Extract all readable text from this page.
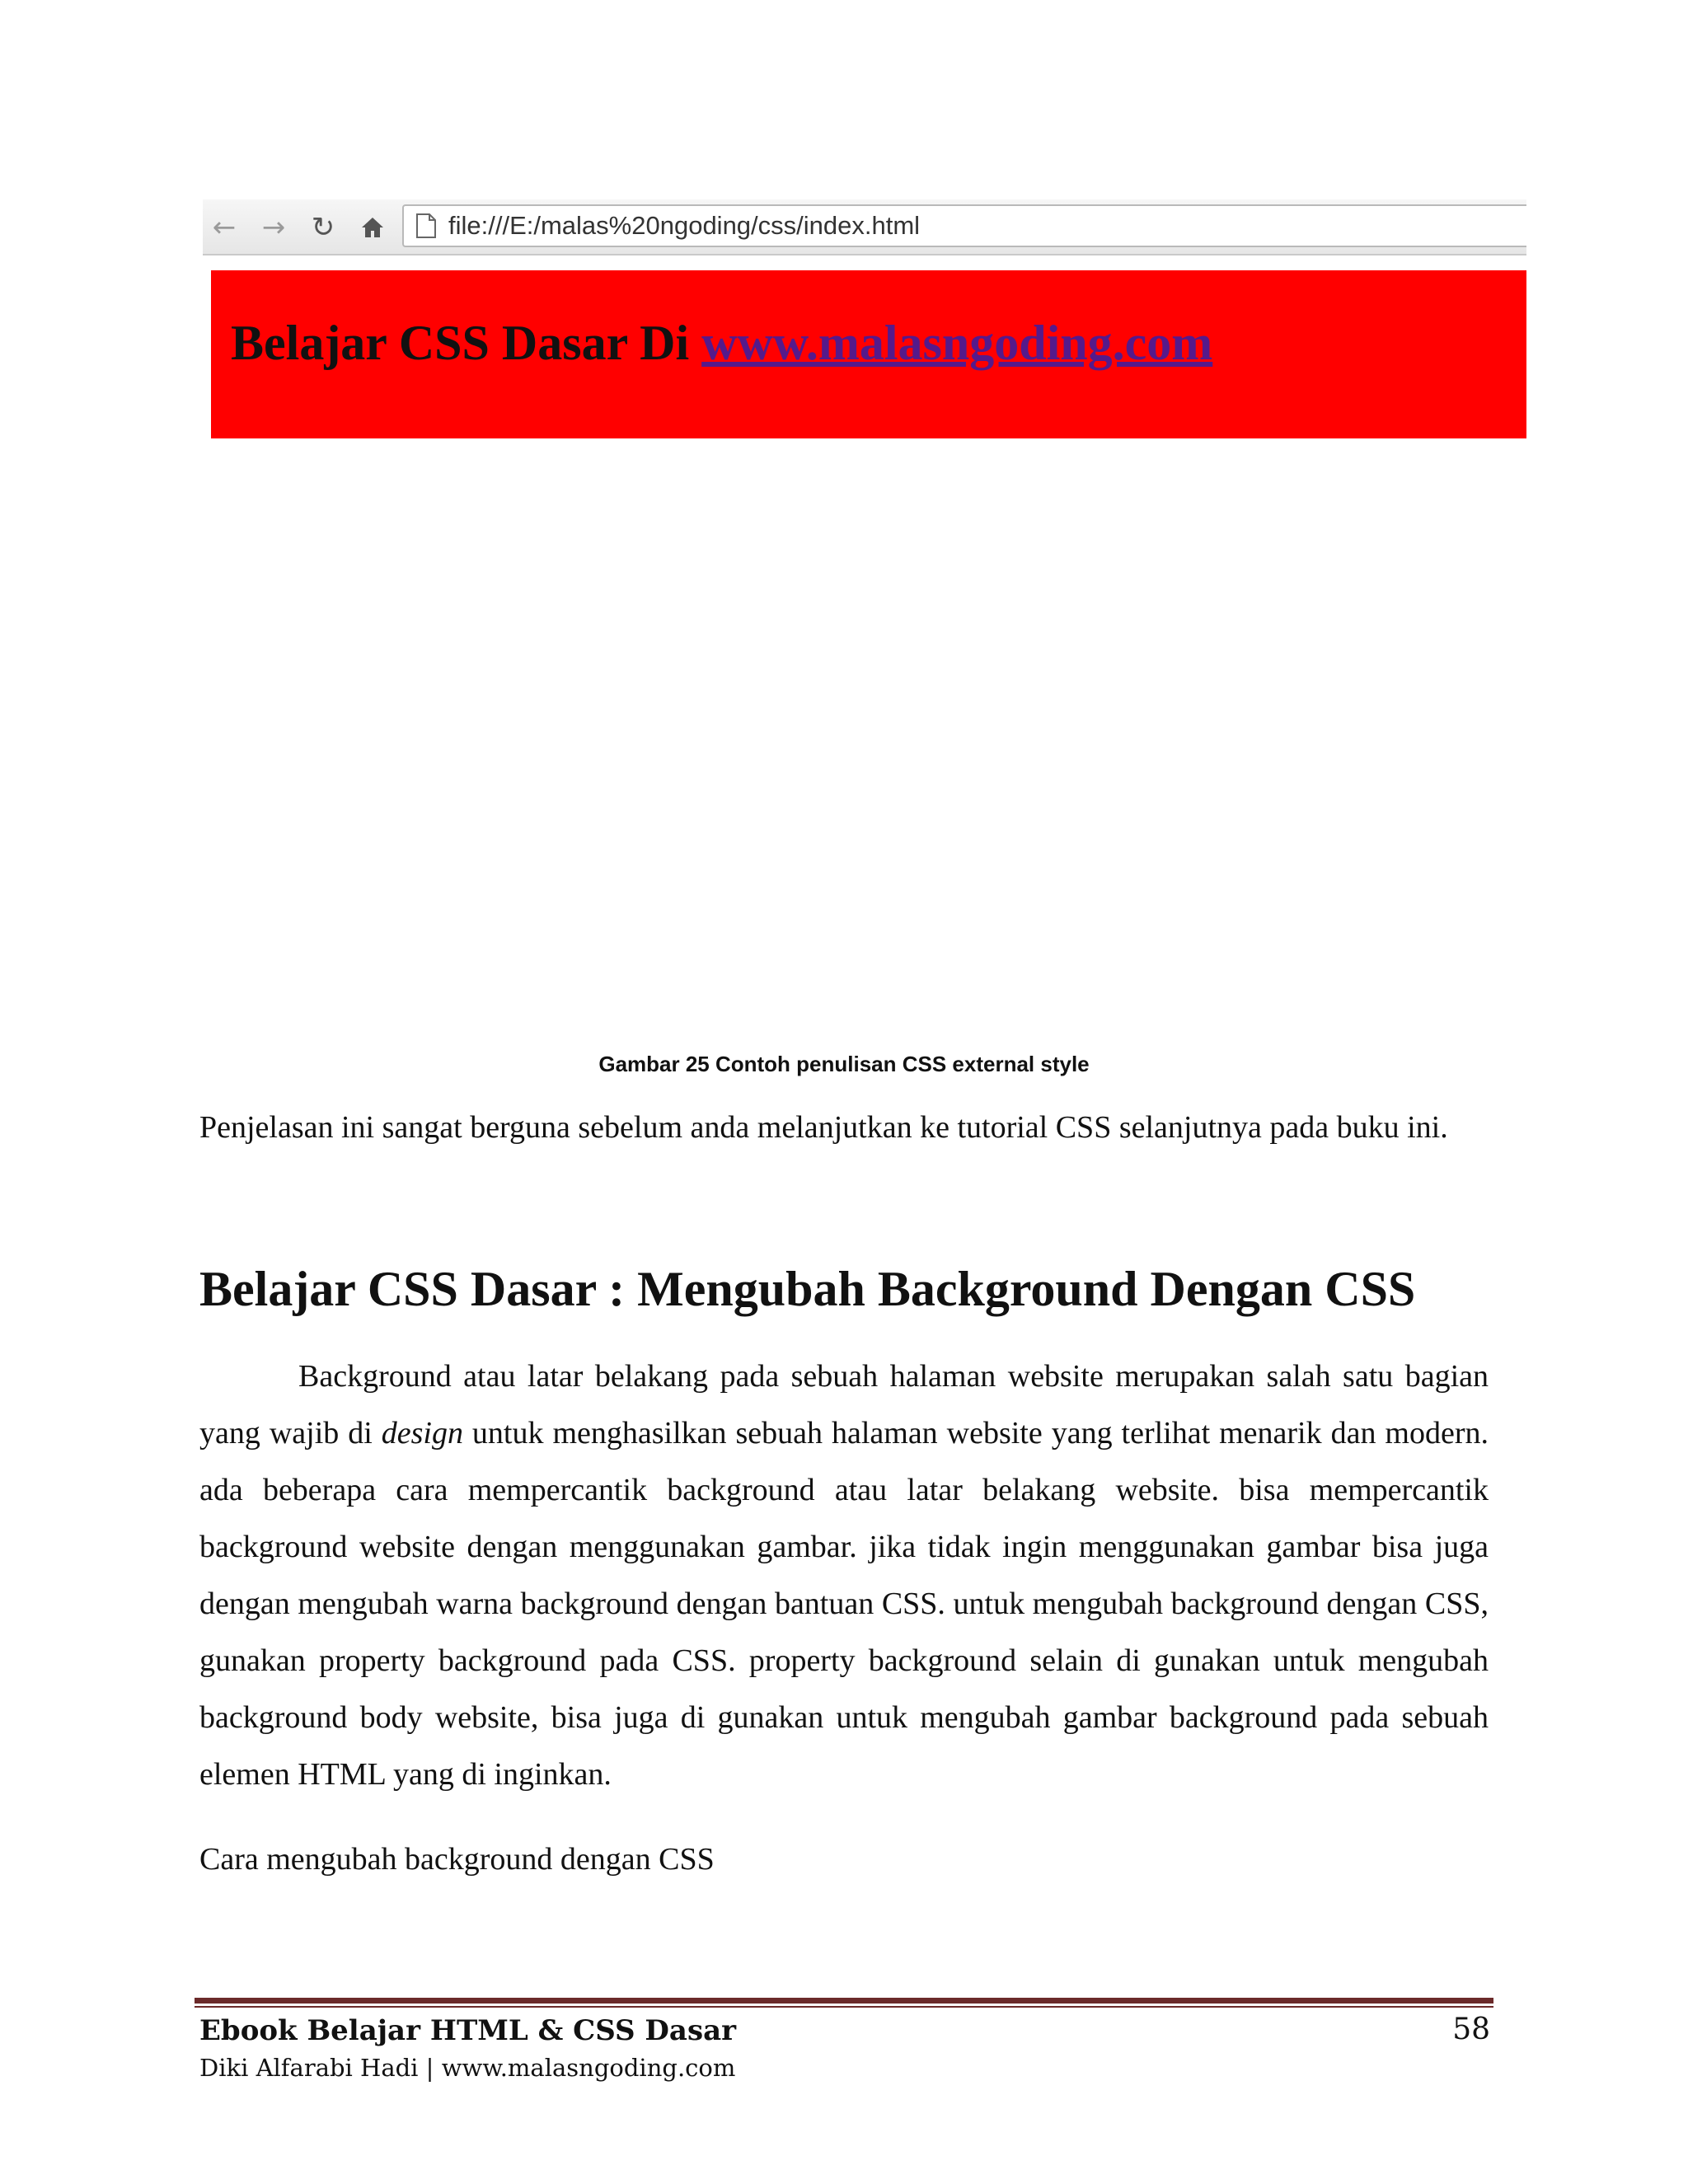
← → ↻	file:///E:/malas%20ngoding/css/index.html
Belajar CSS Dasar Di www.malasngoding.com
Gambar 25 Contoh penulisan CSS external style

Penjelasan ini sangat berguna sebelum anda melanjutkan ke tutorial CSS selanjutnya pada buku ini.

Belajar CSS Dasar : Mengubah Background Dengan CSS

Background atau latar belakang pada sebuah halaman website merupakan salah satu bagian yang wajib di design untuk menghasilkan sebuah halaman website yang terlihat menarik dan modern. ada beberapa cara mempercantik background atau latar belakang website. bisa mempercantik background website dengan menggunakan gambar. jika tidak ingin menggunakan gambar bisa juga dengan mengubah warna background dengan bantuan CSS. untuk mengubah background dengan CSS, gunakan property background pada CSS. property background selain di gunakan untuk mengubah background body website, bisa juga di gunakan untuk mengubah gambar background pada sebuah elemen HTML yang di inginkan.

Cara mengubah background dengan CSS

Ebook Belajar HTML & CSS Dasar	58
Diki Alfarabi Hadi | www.malasngoding.com
